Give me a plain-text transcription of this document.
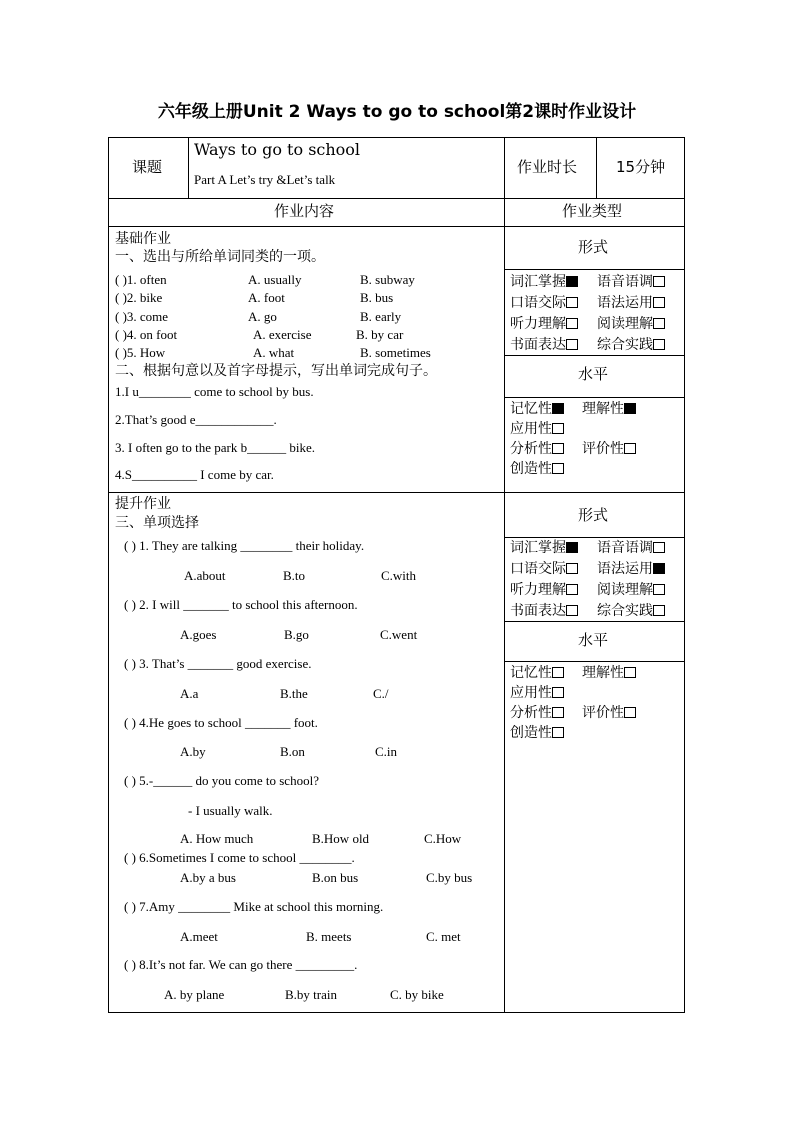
六年级上册Unit 2 Ways to go to school第2课时作业设计
课题
Ways to go to school
Part A Let’s try &Let’s talk
作业时长	15分钟
作业内容	作业类型
基础作业
一、选出与所给单词同类的一项。
( )1. often	A. usually	B. subway
( )2. bike	A. foot	B. bus
( )3. come	A. go	B. early
( )4. on foot	A. exercise	B. by car
( )5. How	A. what	B. sometimes
二、根据句意以及首字母提示，写出单词完成句子。
1.I u________ come to school by bus.
2.That’s good e____________.
3. I often go to the park b______ bike.
4.S__________ I come by car.
提升作业
三、单项选择
( ) 1. They are talking ________ their holiday.
A.about	B.to	C.with
( ) 2. I will _______ to school this afternoon.
A.goes	B.go	C.went
( ) 3. That’s _______ good exercise.
A.a	B.the	C./
( ) 4.He goes to school _______ foot.
A.by	B.on	C.in
( ) 5.-______ do you come to school?
- I usually walk.
A. How much	B.How old	C.How
( ) 6.Sometimes I come to school ________.
A.by a bus	B.on bus	C.by bus
( ) 7.Amy ________ Mike at school this morning.
A.meet	B. meets	C. met
( ) 8.It’s not far. We can go there _________.
A. by plane	B.by train	C. by bike
形式
水平
形式
水平
词汇掌握	语音语调
口语交际	语法运用
听力理解	阅读理解
书面表达	综合实践
记忆性	理解性
应用性
分析性	评价性
创造性
词汇掌握	语音语调
口语交际	语法运用
听力理解	阅读理解
书面表达	综合实践
记忆性	理解性
应用性
分析性	评价性
创造性
